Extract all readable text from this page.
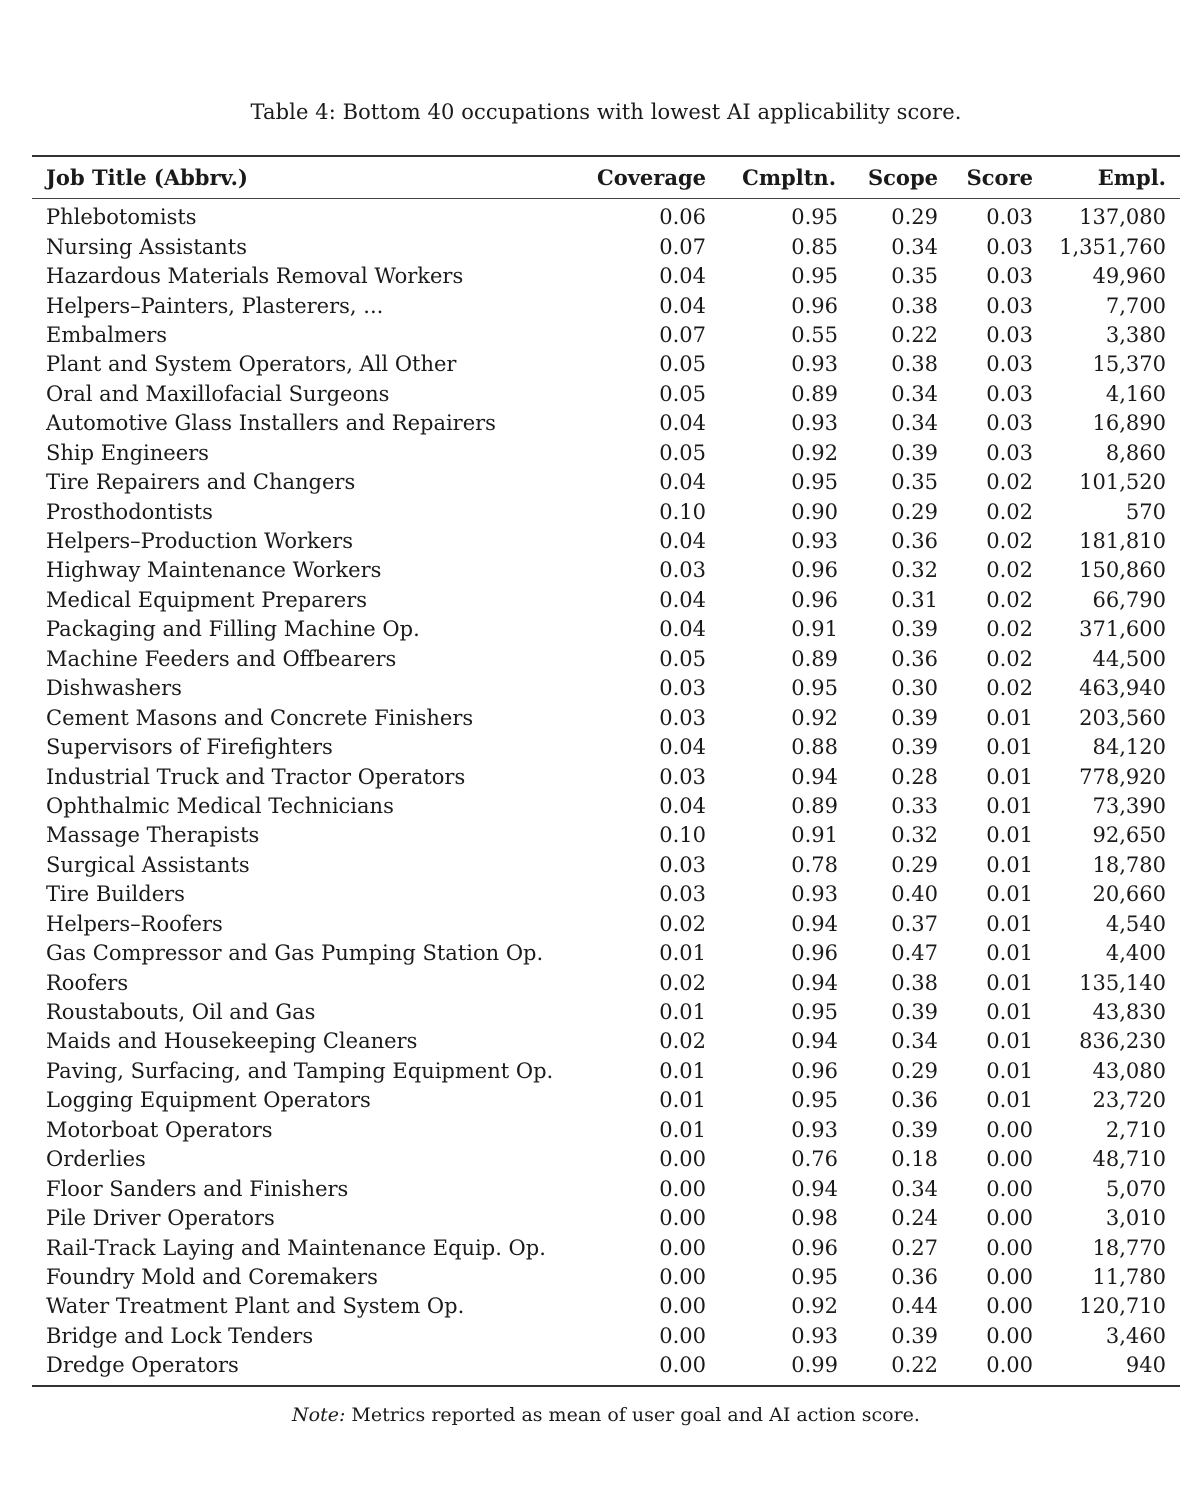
Table 4: Bottom 40 occupations with lowest AI applicability score.
Job Title (Abbrv.)	Coverage	Cmpltn.	Scope	Score	Empl.
Phlebotomists	0.06	0.95	0.29	0.03	137,080
Nursing Assistants	0.07	0.85	0.34	0.03	1,351,760
Hazardous Materials Removal Workers	0.04	0.95	0.35	0.03	49,960
Helpers–Painters, Plasterers, ...	0.04	0.96	0.38	0.03	7,700
Embalmers	0.07	0.55	0.22	0.03	3,380
Plant and System Operators, All Other	0.05	0.93	0.38	0.03	15,370
Oral and Maxillofacial Surgeons	0.05	0.89	0.34	0.03	4,160
Automotive Glass Installers and Repairers	0.04	0.93	0.34	0.03	16,890
Ship Engineers	0.05	0.92	0.39	0.03	8,860
Tire Repairers and Changers	0.04	0.95	0.35	0.02	101,520
Prosthodontists	0.10	0.90	0.29	0.02	570
Helpers–Production Workers	0.04	0.93	0.36	0.02	181,810
Highway Maintenance Workers	0.03	0.96	0.32	0.02	150,860
Medical Equipment Preparers	0.04	0.96	0.31	0.02	66,790
Packaging and Filling Machine Op.	0.04	0.91	0.39	0.02	371,600
Machine Feeders and Offbearers	0.05	0.89	0.36	0.02	44,500
Dishwashers	0.03	0.95	0.30	0.02	463,940
Cement Masons and Concrete Finishers	0.03	0.92	0.39	0.01	203,560
Supervisors of Firefighters	0.04	0.88	0.39	0.01	84,120
Industrial Truck and Tractor Operators	0.03	0.94	0.28	0.01	778,920
Ophthalmic Medical Technicians	0.04	0.89	0.33	0.01	73,390
Massage Therapists	0.10	0.91	0.32	0.01	92,650
Surgical Assistants	0.03	0.78	0.29	0.01	18,780
Tire Builders	0.03	0.93	0.40	0.01	20,660
Helpers–Roofers	0.02	0.94	0.37	0.01	4,540
Gas Compressor and Gas Pumping Station Op.	0.01	0.96	0.47	0.01	4,400
Roofers	0.02	0.94	0.38	0.01	135,140
Roustabouts, Oil and Gas	0.01	0.95	0.39	0.01	43,830
Maids and Housekeeping Cleaners	0.02	0.94	0.34	0.01	836,230
Paving, Surfacing, and Tamping Equipment Op.	0.01	0.96	0.29	0.01	43,080
Logging Equipment Operators	0.01	0.95	0.36	0.01	23,720
Motorboat Operators	0.01	0.93	0.39	0.00	2,710
Orderlies	0.00	0.76	0.18	0.00	48,710
Floor Sanders and Finishers	0.00	0.94	0.34	0.00	5,070
Pile Driver Operators	0.00	0.98	0.24	0.00	3,010
Rail-Track Laying and Maintenance Equip. Op.	0.00	0.96	0.27	0.00	18,770
Foundry Mold and Coremakers	0.00	0.95	0.36	0.00	11,780
Water Treatment Plant and System Op.	0.00	0.92	0.44	0.00	120,710
Bridge and Lock Tenders	0.00	0.93	0.39	0.00	3,460
Dredge Operators	0.00	0.99	0.22	0.00	940
Note: Metrics reported as mean of user goal and AI action score.
